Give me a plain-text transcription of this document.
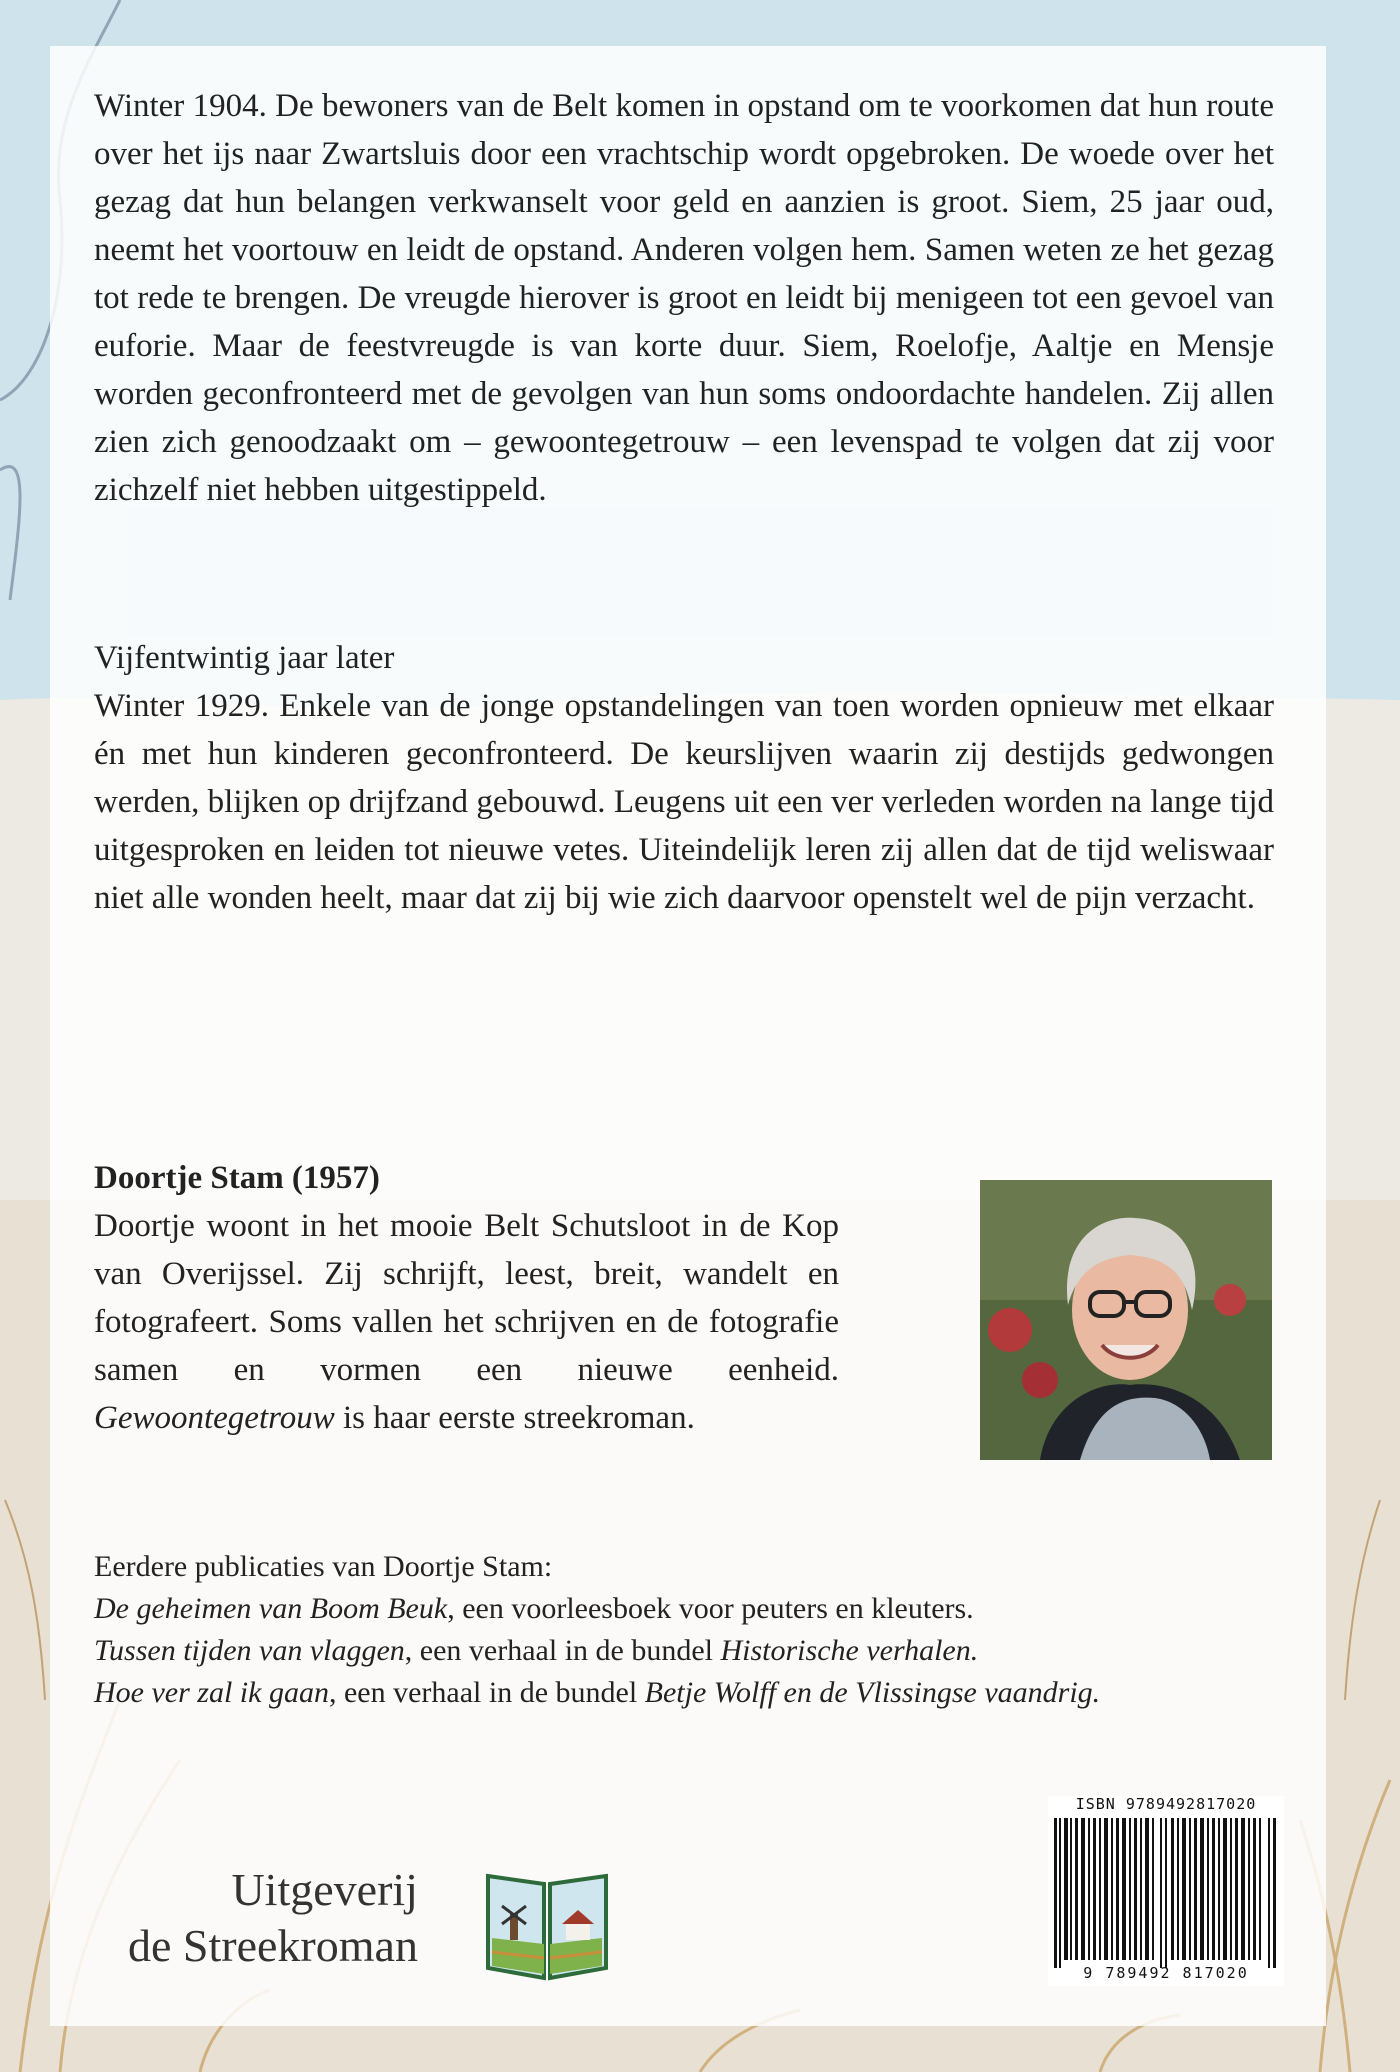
Winter 1904. De bewoners van de Belt komen in opstand om te voorkomen dat hun route over het ijs naar Zwartsluis door een vrachtschip wordt opgebroken. De woede over het gezag dat hun belangen verkwanselt voor geld en aanzien is groot. Siem, 25 jaar oud, neemt het voortouw en leidt de opstand. Anderen volgen hem. Samen weten ze het gezag tot rede te brengen. De vreugde hierover is groot en leidt bij menigeen tot een gevoel van euforie. Maar de feestvreugde is van korte duur. Siem, Roelofje, Aaltje en Mensje worden geconfronteerd met de gevolgen van hun soms ondoordachte handelen. Zij allen zien zich genoodzaakt om – gewoontegetrouw – een levenspad te volgen dat zij voor zichzelf niet hebben uitgestippeld.

Vijfentwintig jaar later

Winter 1929. Enkele van de jonge opstandelingen van toen worden opnieuw met elkaar én met hun kinderen geconfronteerd. De keurslijven waarin zij destijds gedwongen werden, blijken op drijfzand gebouwd. Leugens uit een ver verleden worden na lange tijd uitgesproken en leiden tot nieuwe vetes. Uiteindelijk leren zij allen dat de tijd weliswaar niet alle wonden heelt, maar dat zij bij wie zich daarvoor openstelt wel de pijn verzacht.

Doortje Stam (1957)
Doortje woont in het mooie Belt Schutsloot in de Kop van Overijssel. Zij schrijft, leest, breit, wandelt en fotografeert. Soms vallen het schrijven en de fotografie samen en vormen een nieuwe eenheid. Gewoontegetrouw is haar eerste streekroman.
Eerdere publicaties van Doortje Stam:
De geheimen van Boom Beuk, een voorleesboek voor peuters en kleuters.
Tussen tijden van vlaggen, een verhaal in de bundel Historische verhalen.
Hoe ver zal ik gaan, een verhaal in de bundel Betje Wolff en de Vlissingse vaandrig.
Uitgeverij
de Streekroman
ISBN 9789492817020
9 789492 817020
